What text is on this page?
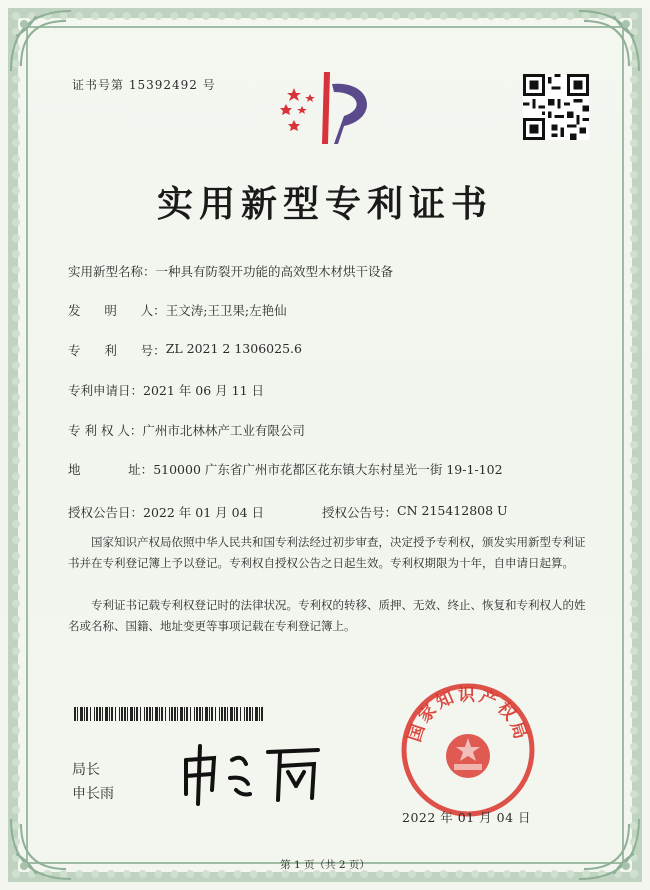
证书号第 15392492 号
实用新型专利证书
实用新型名称： 一种具有防裂开功能的高效型木材烘干设备
发      明      人： 王文涛;王卫果;左艳仙
专      利      号： ZL 2021 2 1306025.6
专利申请日： 2021 年 06 月 11 日
专 利 权 人： 广州市北林林产工业有限公司
地            址： 510000 广东省广州市花都区花东镇大东村星光一街 19-1-102
授权公告日： 2022 年 01 月 04 日	授权公告号： CN 215412808 U
国家知识产权局依照中华人民共和国专利法经过初步审查，决定授予专利权，颁发实用新型专利证书并在专利登记簿上予以登记。专利权自授权公告之日起生效。专利权期限为十年，自申请日起算。
专利证书记载专利权登记时的法律状况。专利权的转移、质押、无效、终止、恢复和专利权人的姓名或名称、国籍、地址变更等事项记载在专利登记簿上。
局长
申长雨
国家知识产权局
2022 年 01 月 04 日
第 1 页（共 2 页）
